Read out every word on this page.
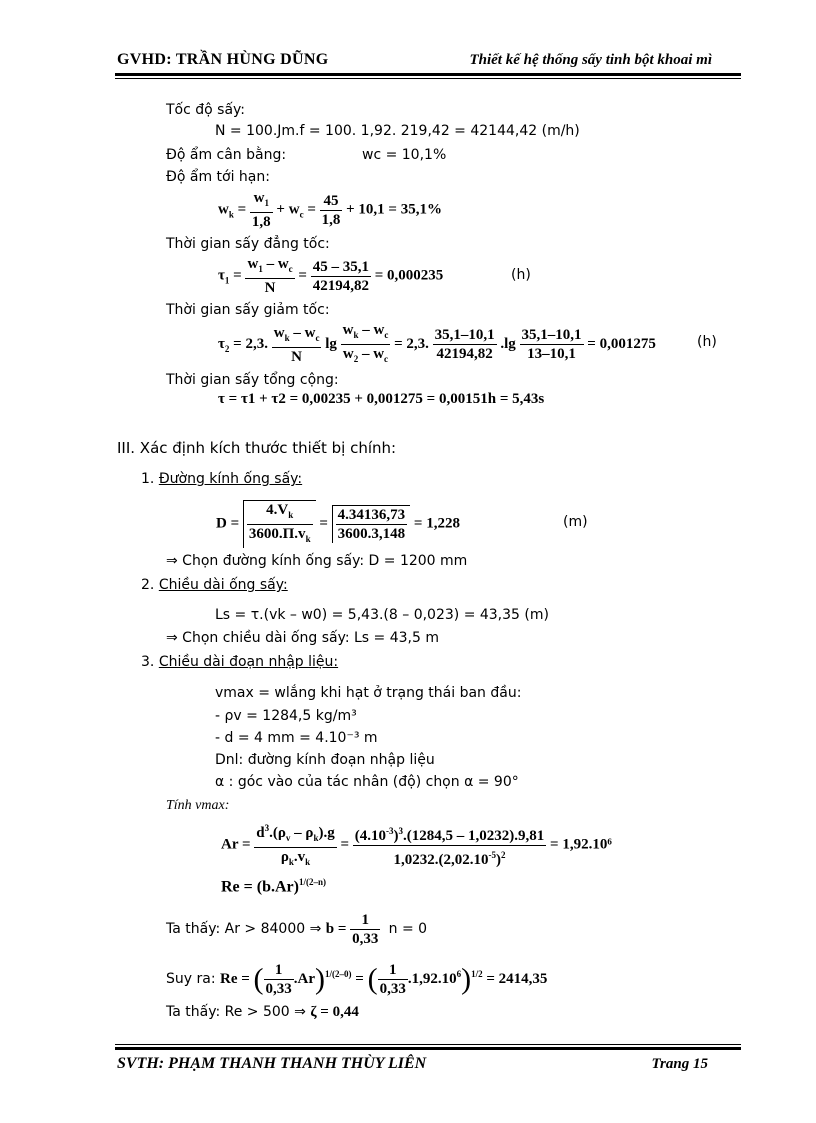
GVHD: TRẦN HÙNG DŨNG	Thiết kế hệ thống sấy tinh bột khoai mì
Tốc độ sấy:
N = 100.Jm.f = 100. 1,92. 219,42 = 42144,42 (m/h)
Độ ẩm cân bằng:	wc = 10,1%
Độ ẩm tới hạn:
$w_k = \frac{w_1}{1,8} + w_c = \frac{45}{1,8} + 10,1 = 35,1\%$
Thời gian sấy đẳng tốc:
$\tau_1 = \frac{w_1 - w_c}{N} = \frac{45 - 35,1}{42194,82} = 0,000235$	(h)
Thời gian sấy giảm tốc:
$\tau_2 = 2,3$. $\frac{w_k - w_c}{N}$ $\lg \frac{w_k - w_c}{w_2 - w_c} = 2,3$. $\frac{35,1-10,1}{42194,82} .\lg \frac{35,1-10,1}{13-10,1} = 0,001275$	(h)
Thời gian sấy tổng cộng:
τ = τ1 + τ2 = 0,00235 + 0,001275 = 0,00151h = 5,43s
III. Xác định kích thước thiết bị chính:
1. Đường kính ống sấy:
$D = \frac{4.V_k}{3600.\Pi.v_k} = \frac{4.34136,73}{3600.3,148} = 1,228$	(m)
⇒ Chọn đường kính ống sấy: D = 1200 mm
2. Chiều dài ống sấy:
Ls = τ.(vk – w0) = 5,43.(8 – 0,023) = 43,35 (m)
⇒ Chọn chiều dài ống sấy: Ls = 43,5 m
3. Chiều dài đoạn nhập liệu:
vmax = wlắng khi hạt ở trạng thái ban đầu:
- ρv = 1284,5 kg/m³
- d = 4 mm = 4.10⁻³ m
Dnl: đường kính đoạn nhập liệu
α : góc vào của tác nhân (độ) chọn α = 90°
Tính vmax:
$Ar = \frac{d^3.(\rho_v - \rho_k).g}{\rho_k.v_k} = \frac{(4.10^{-3})^3.(1284,5 - 1,0232).9,81}{1,0232.(2,02.10^{-5})^2} = 1,92.10^6$
$Re = (b.Ar)^{1/(2-n)}$
Ta thấy: Ar > 84000 ⇒ $b = \frac{1}{0,33}$ n = 0
Suy ra: Re = ( $\frac{1}{0,33} .Ar)^{1/(2-0)}$ = ( $\frac{1}{0,33} .1,92.10^6)^{1/2} = 2414,35$
Ta thấy: Re > 500 ⇒ ζ = 0,44
SVTH: PHẠM THANH THANH THÙY LIÊN	Trang 15
